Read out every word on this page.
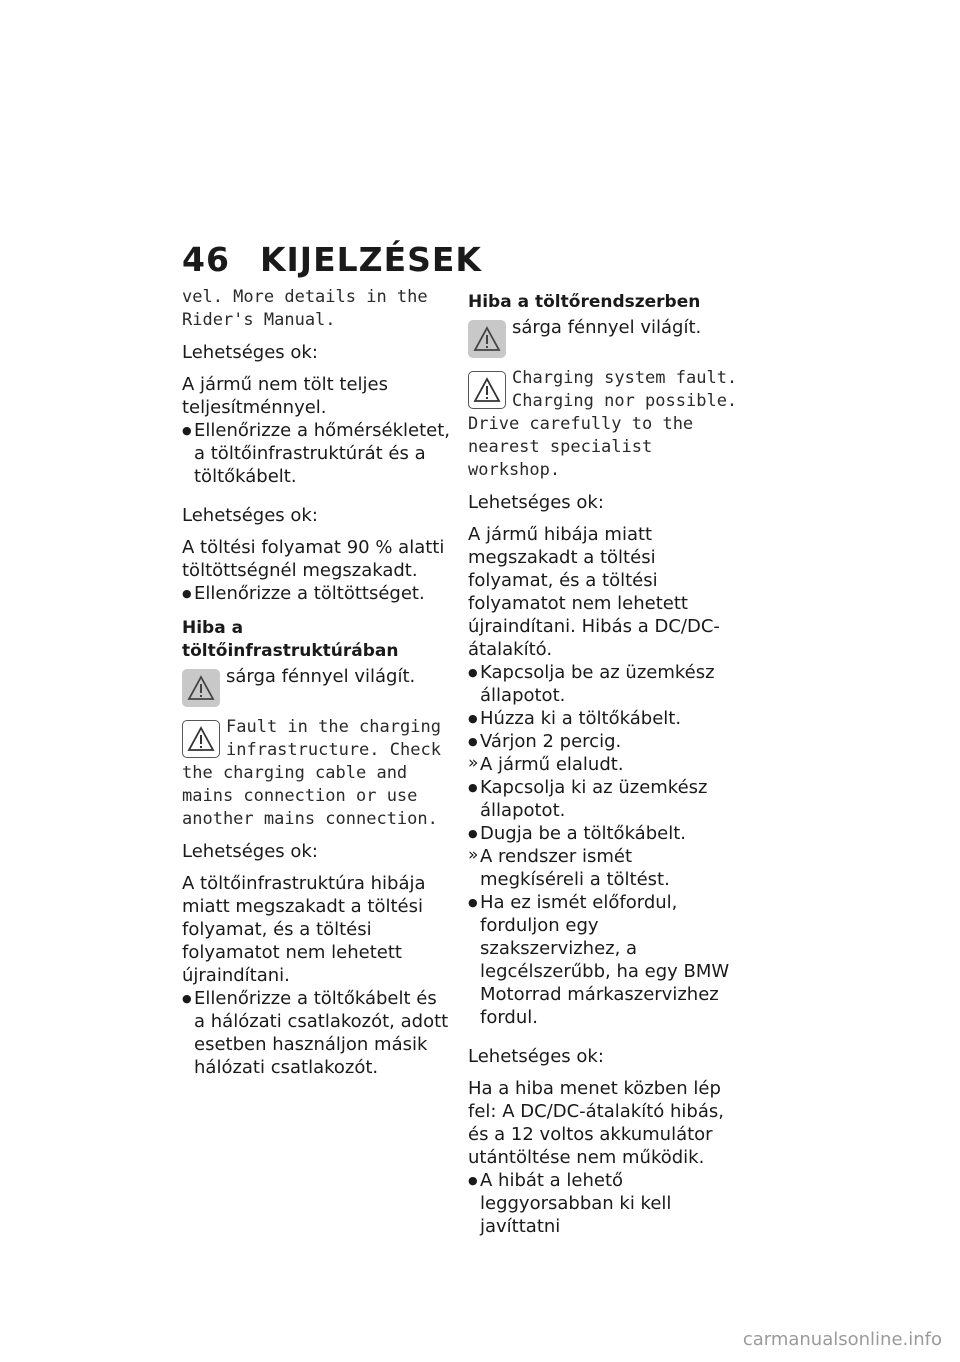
46 KIJELZÉSEK

vel. More details in the Rider's Manual.

Lehetséges ok:

A jármű nem tölt teljes teljesítménnyel.

● Ellenőrizze a hőmérsékletet, a töltőinfrastruktúrát és a töltőkábelt.

Lehetséges ok:

A töltési folyamat 90 % alatti töltöttségnél megszakadt.

● Ellenőrizze a töltöttséget.

Hiba a töltőinfrastruktúrában

sárga fénnyel világít.

Fault in the charging infrastructure. Check the charging cable and mains connection or use another mains connection.

Lehetséges ok:

A töltőinfrastruktúra hibája miatt megszakadt a töltési folyamat, és a töltési folyamatot nem lehetett újraindítani.

● Ellenőrizze a töltőkábelt és a hálózati csatlakozót, adott esetben használjon másik hálózati csatlakozót.

Hiba a töltőrendszerben

sárga fénnyel világít.

Charging system fault. Charging nor possible. Drive carefully to the nearest specialist workshop.

Lehetséges ok:

A jármű hibája miatt megszakadt a töltési folyamat, és a töltési folyamatot nem lehetett újraindítani. Hibás a DC/DC-átalakító.

● Kapcsolja be az üzemkész állapotot.

● Húzza ki a töltőkábelt.

● Várjon 2 percig.

» A jármű elaludt.

● Kapcsolja ki az üzemkész állapotot.

● Dugja be a töltőkábelt.

» A rendszer ismét megkíséreli a töltést.

● Ha ez ismét előfordul, forduljon egy szakszervizhez, a legcélszerűbb, ha egy BMW Motorrad márkaszervizhez fordul.

Lehetséges ok:

Ha a hiba menet közben lép fel: A DC/DC-átalakító hibás, és a 12 voltos akkumulátor utántöltése nem működik.

● A hibát a lehető leggyorsabban ki kell javíttatni

carmanualsonline.info
